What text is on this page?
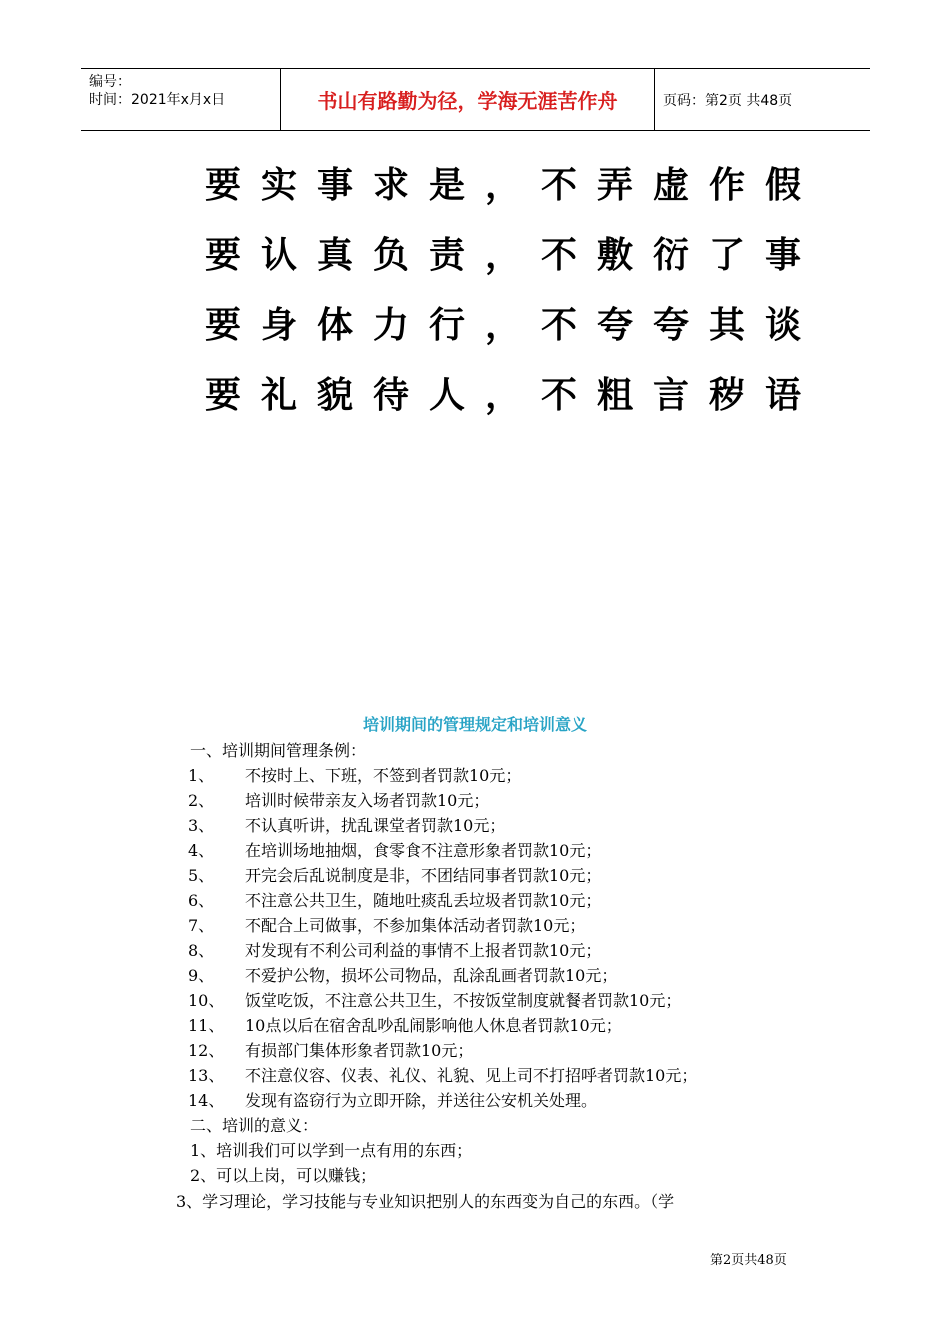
编号：
时间：2021年x月x日	书山有路勤为径，学海无涯苦作舟	页码：第2页 共48页
要实事求是，不弄虚作假
要认真负责，不敷衍了事
要身体力行，不夸夸其谈
要礼貌待人，不粗言秽语
培训期间的管理规定和培训意义
一、培训期间管理条例：
1、 不按时上、下班，不签到者罚款10元；
2、 培训时候带亲友入场者罚款10元；
3、 不认真听讲，扰乱课堂者罚款10元；
4、 在培训场地抽烟，食零食不注意形象者罚款10元；
5、 开完会后乱说制度是非，不团结同事者罚款10元；
6、 不注意公共卫生，随地吐痰乱丢垃圾者罚款10元；
7、 不配合上司做事，不参加集体活动者罚款10元；
8、 对发现有不利公司利益的事情不上报者罚款10元；
9、 不爱护公物，损坏公司物品，乱涂乱画者罚款10元；
10、 饭堂吃饭，不注意公共卫生，不按饭堂制度就餐者罚款10元；
11、 10点以后在宿舍乱吵乱闹影响他人休息者罚款10元；
12、 有损部门集体形象者罚款10元；
13、 不注意仪容、仪表、礼仪、礼貌、见上司不打招呼者罚款10元；
14、 发现有盗窃行为立即开除，并送往公安机关处理。
二、培训的意义：
1、培训我们可以学到一点有用的东西；
2、可以上岗，可以赚钱；
3、学习理论，学习技能与专业知识把别人的东西变为自己的东西。（学
第2页共48页
